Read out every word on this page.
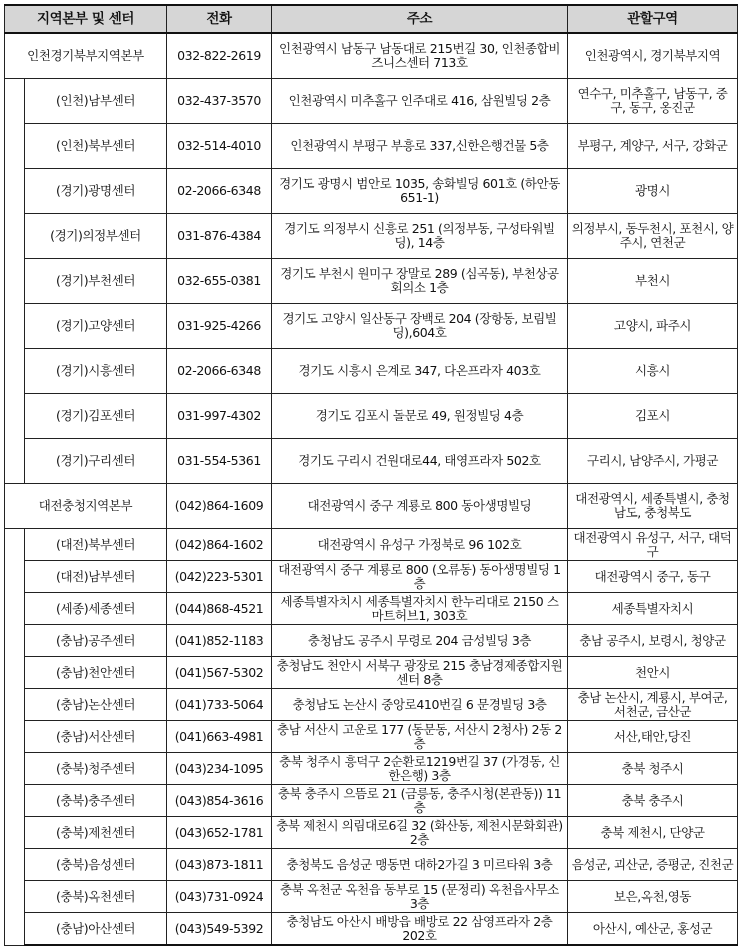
지역본부 및 센터		전화	주소	관할구역
인천경기북부지역본부		032-822-2619	인천광역시 남동구 남동대로 215번길 30, 인천종합비즈니스센터 713호	인천광역시, 경기북부지역
	(인천)남부센터	032-437-3570	인천광역시 미추홀구 인주대로 416, 삼원빌딩 2층	연수구, 미추홀구, 남동구, 중구, 동구, 옹진군
	(인천)북부센터	032-514-4010	인천광역시 부평구 부흥로 337,신한은행건물 5층	부평구, 계양구, 서구, 강화군
	(경기)광명센터	02-2066-6348	경기도 광명시 범안로 1035, 송화빌딩 601호 (하안동 651-1)	광명시
	(경기)의정부센터	031-876-4384	경기도 의정부시 신흥로 251 (의정부동, 구성타워빌딩), 14층	의정부시, 동두천시, 포천시, 양주시, 연천군
	(경기)부천센터	032-655-0381	경기도 부천시 원미구 장말로 289 (심곡동), 부천상공회의소 1층	부천시
	(경기)고양센터	031-925-4266	경기도 고양시 일산동구 장백로 204 (장항동, 보림빌딩),604호	고양시, 파주시
	(경기)시흥센터	02-2066-6348	경기도 시흥시 은계로 347, 다온프라자 403호	시흥시
	(경기)김포센터	031-997-4302	경기도 김포시 돌문로 49, 원정빌딩 4층	김포시
	(경기)구리센터	031-554-5361	경기도 구리시 건원대로44, 태영프라자 502호	구리시, 남양주시, 가평군
대전충청지역본부		(042)864-1609	대전광역시 중구 계룡로 800 동아생명빌딩	대전광역시, 세종특별시, 충청남도, 충청북도
	(대전)북부센터	(042)864-1602	대전광역시 유성구 가정북로 96 102호	대전광역시 유성구, 서구, 대덕구
	(대전)남부센터	(042)223-5301	대전광역시 중구 계룡로 800 (오류동) 동아생명빌딩 1층	대전광역시 중구, 동구
	(세종)세종센터	(044)868-4521	세종특별자치시 세종특별자치시 한누리대로 2150 스마트허브1, 303호	세종특별자치시
	(충남)공주센터	(041)852-1183	충청남도 공주시 무령로 204 금성빌딩 3층	충남 공주시, 보령시, 청양군
	(충남)천안센터	(041)567-5302	충청남도 천안시 서북구 광장로 215 충남경제종합지원센터 8층	천안시
	(충남)논산센터	(041)733-5064	충청남도 논산시 중앙로410번길 6 문경빌딩 3층	충남 논산시, 계룡시, 부여군, 서천군, 금산군
	(충남)서산센터	(041)663-4981	충남 서산시 고운로 177 (동문동, 서산시 2청사) 2동 2층	서산,태안,당진
	(충북)청주센터	(043)234-1095	충북 청주시 흥덕구 2순환로1219번길 37 (가경동, 신한은행) 3층	충북 청주시
	(충북)충주센터	(043)854-3616	충북 충주시 으뜸로 21 (금릉동, 충주시청(본관동)) 11층	충북 충주시
	(충북)제천센터	(043)652-1781	충북 제천시 의림대로6길 32 (화산동, 제천시문화회관) 2층	충북 제천시, 단양군
	(충북)음성센터	(043)873-1811	충청북도 음성군 맹동면 대하2가길 3 미르타워 3층	음성군, 괴산군, 증평군, 진천군
	(충북)옥천센터	(043)731-0924	충북 옥천군 옥천읍 동부로 15 (문정리) 옥천읍사무소 3층	보은,옥천,영동
	(충남)아산센터	(043)549-5392	충청남도 아산시 배방읍 배방로 22 삼영프라자 2층 202호	아산시, 예산군, 홍성군
